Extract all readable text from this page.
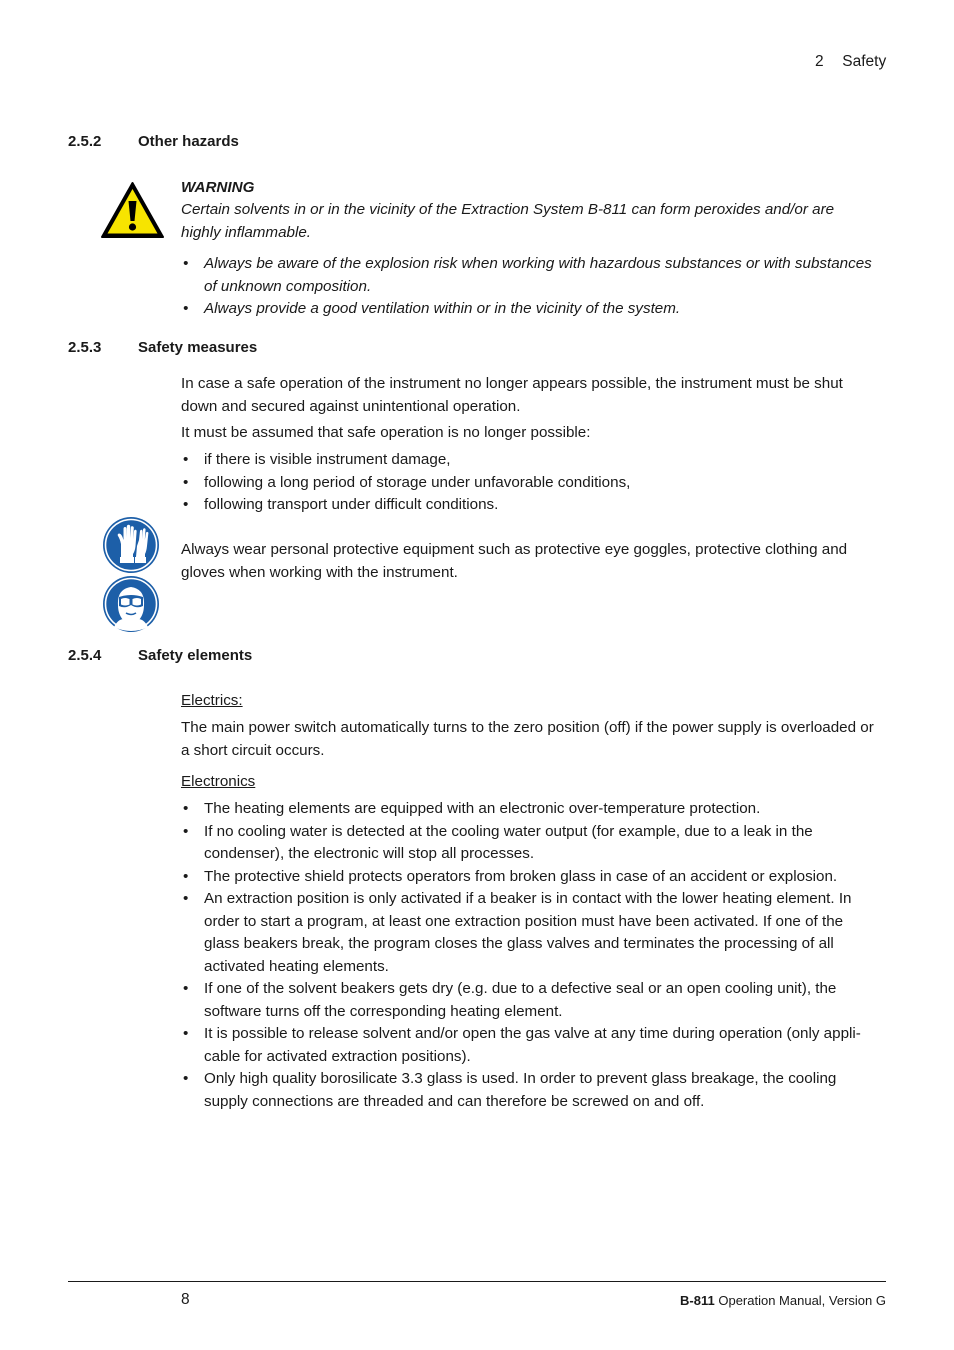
2 Safety
2.5.2 Other hazards
WARNING
Certain solvents in or in the vicinity of the Extraction System B-811 can form peroxides and/or are highly inflammable.
• Always be aware of the explosion risk when working with hazardous substances or with substances of unknown composition.
• Always provide a good ventilation within or in the vicinity of the system.
2.5.3 Safety measures
In case a safe operation of the instrument no longer appears possible, the instrument must be shut down and secured against unintentional operation.
It must be assumed that safe operation is no longer possible:
• if there is visible instrument damage,
• following a long period of storage under unfavorable conditions,
• following transport under difficult conditions.
Always wear personal protective equipment such as protective eye goggles, protective clothing and gloves when working with the instrument.
2.5.4 Safety elements
Electrics:
The main power switch automatically turns to the zero position (off) if the power supply is overloaded or a short circuit occurs.
Electronics
• The heating elements are equipped with an electronic over-temperature protection.
• If no cooling water is detected at the cooling water output (for example, due to a leak in the condenser), the electronic will stop all processes.
• The protective shield protects operators from broken glass in case of an accident or explosion.
• An extraction position is only activated if a beaker is in contact with the lower heating element. In order to start a program, at least one extraction position must have been activated. If one of the glass beakers break, the program closes the glass valves and terminates the processing of all activated heating elements.
• If one of the solvent beakers gets dry (e.g. due to a defective seal or an open cooling unit), the software turns off the corresponding heating element.
• It is possible to release solvent and/or open the gas valve at any time during operation (only applicable for activated extraction positions).
• Only high quality borosilicate 3.3 glass is used. In order to prevent glass breakage, the cooling supply connections are threaded and can therefore be screwed on and off.
8	B-811 Operation Manual, Version G
